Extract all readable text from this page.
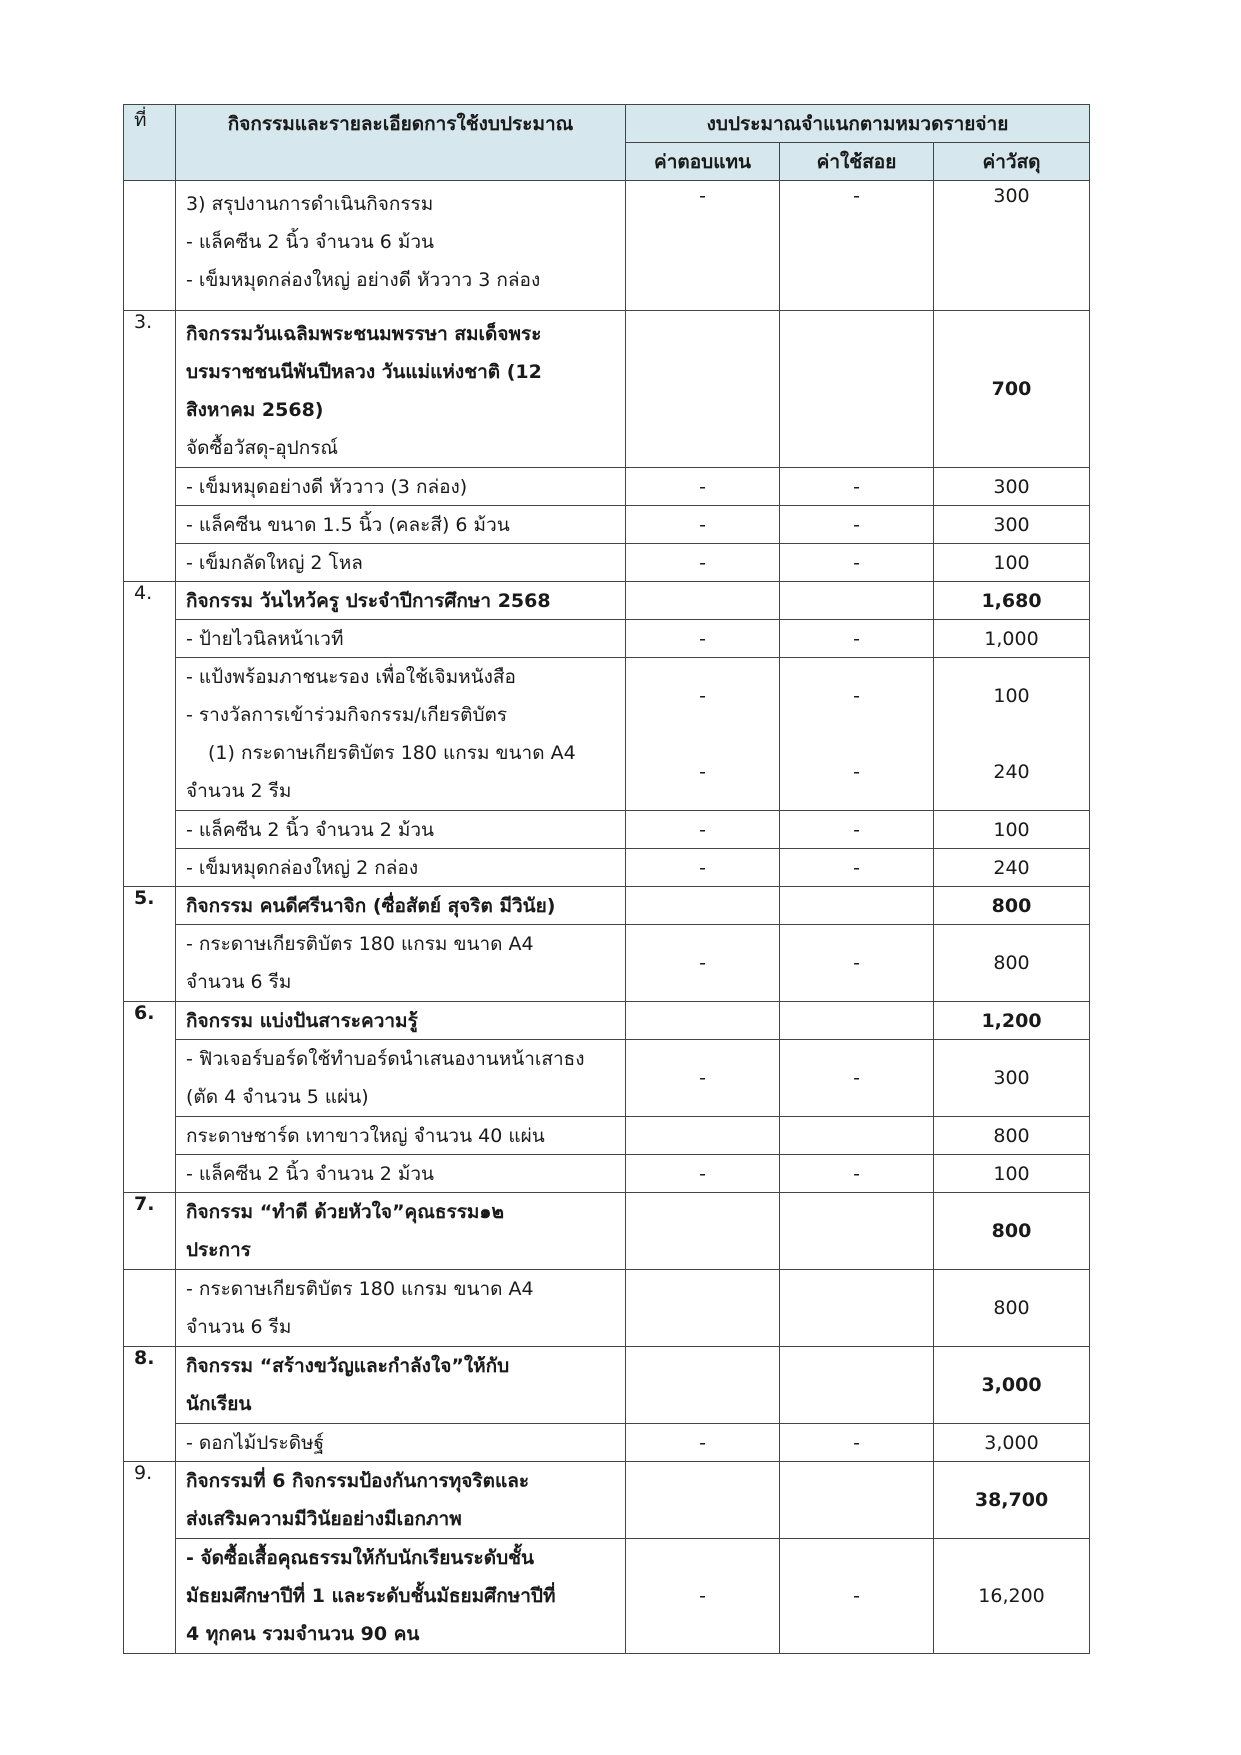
ที่	กิจกรรมและรายละเอียดการใช้งบประมาณ	งบประมาณจำแนกตามหมวดรายจ่าย		
		ค่าตอบแทน	ค่าใช้สอย	ค่าวัสดุ

	3) สรุปงานการดำเนินกิจกรรม
- แล็คซีน 2 นิ้ว จำนวน 6 ม้วน
- เข็มหมุดกล่องใหญ่ อย่างดี หัววาว 3 กล่อง	-	-	300
3.	กิจกรรมวันเฉลิมพระชนมพรรษา สมเด็จพระ
บรมราชชนนีพันปีหลวง วันแม่แห่งชาติ (12
สิงหาคม 2568)
จัดซื้อวัสดุ-อุปกรณ์			700
	- เข็มหมุดอย่างดี หัววาว (3 กล่อง)	-	-	300
	- แล็คซีน ขนาด 1.5 นิ้ว (คละสี) 6 ม้วน	-	-	300
	- เข็มกลัดใหญ่ 2 โหล	-	-	100
4.	กิจกรรม วันไหว้ครู ประจำปีการศึกษา 2568			1,680
	- ป้ายไวนิลหน้าเวที	-	-	1,000

	- แป้งพร้อมภาชนะรอง เพื่อใช้เจิมหนังสือ
- รางวัลการเข้าร่วมกิจกรรม/เกียรติบัตร	-	-	100

	(1) กระดาษเกียรติบัตร 180 แกรม ขนาด A4
จำนวน 2 รีม	-	-	240
	- แล็คซีน 2 นิ้ว จำนวน 2 ม้วน	-	-	100
	- เข็มหมุดกล่องใหญ่ 2 กล่อง	-	-	240
5.	กิจกรรม คนดีศรีนาจิก (ซื่อสัตย์ สุจริต มีวินัย)			800

	- กระดาษเกียรติบัตร 180 แกรม ขนาด A4
จำนวน 6 รีม	-	-	800
6.	กิจกรรม แบ่งปันสาระความรู้			1,200

	- ฟิวเจอร์บอร์ดใช้ทำบอร์ดนำเสนองานหน้าเสาธง
(ตัด 4 จำนวน 5 แผ่น)	-	-	300
	กระดาษชาร์ด เทาขาวใหญ่ จำนวน 40 แผ่น			800
	- แล็คซีน 2 นิ้ว จำนวน 2 ม้วน	-	-	100
7.	กิจกรรม “ทำดี ด้วยหัวใจ”คุณธรรม๑๒
ประการ			800

	- กระดาษเกียรติบัตร 180 แกรม ขนาด A4
จำนวน 6 รีม			800
8.	กิจกรรม “สร้างขวัญและกำลังใจ”ให้กับ
นักเรียน			3,000
	- ดอกไม้ประดิษฐ์	-	-	3,000
9.	กิจกรรมที่ 6 กิจกรรมป้องกันการทุจริตและ
ส่งเสริมความมีวินัยอย่างมีเอกภาพ			38,700

	- จัดซื้อเสื้อคุณธรรมให้กับนักเรียนระดับชั้น
มัธยมศึกษาปีที่ 1 และระดับชั้นมัธยมศึกษาปีที่
4 ทุกคน รวมจำนวน 90 คน	-	-	16,200
